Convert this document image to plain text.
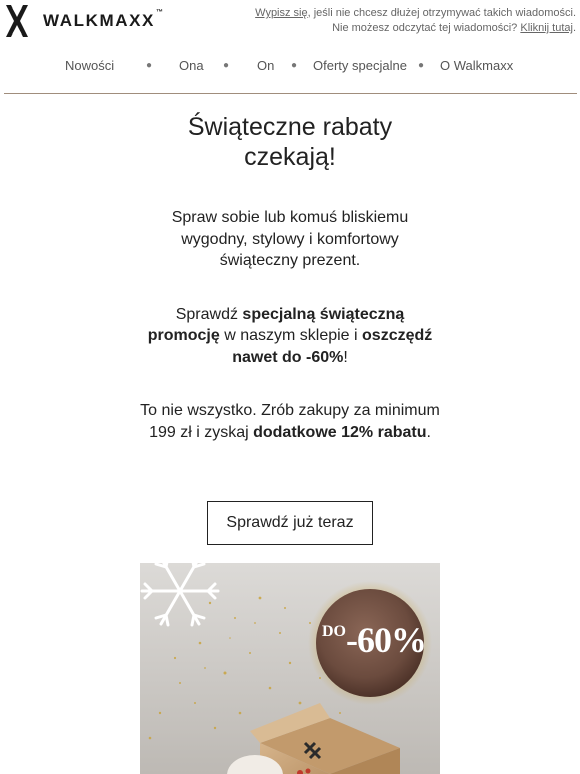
WALKMAXX™	Wypisz się, jeśli nie chcesz dłużej otrzymywać takich wiadomości.
Nie możesz odczytać tej wiadomości? Kliknij tutaj.
Nowości	● Ona ● On ● Oferty specjalne ● O Walkmaxx
Świąteczne rabaty czekają!

Spraw sobie lub komuś bliskiemu wygodny, stylowy i komfortowy świąteczny prezent.

Sprawdź specjalną świąteczną promocję w naszym sklepie i oszczędź nawet do -60%!

To nie wszystko. Zrób zakupy za minimum 199 zł i zyskaj dodatkowe 12% rabatu.

Sprawdź już teraz
DO-60%
